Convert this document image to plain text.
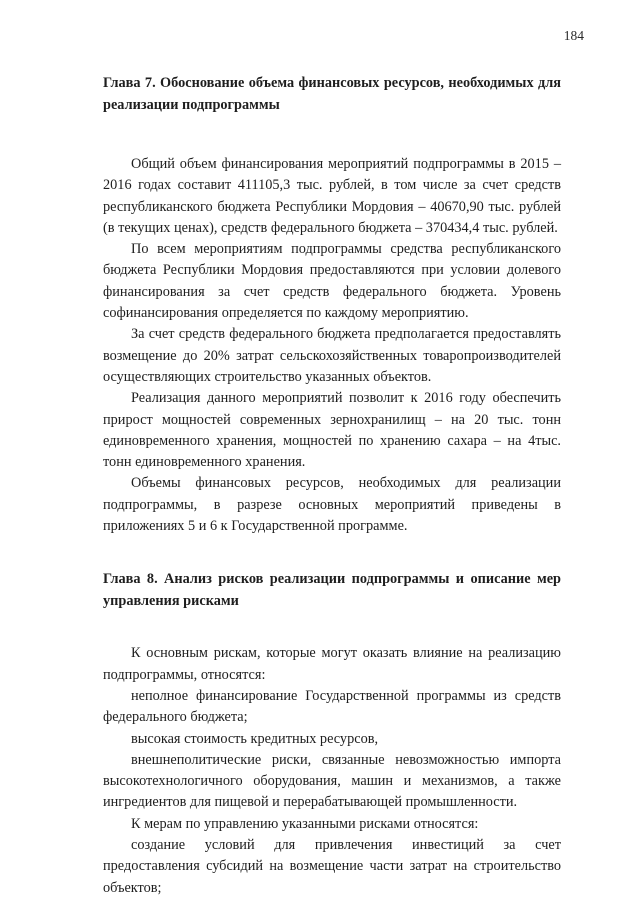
184

Глава 7. Обоснование объема финансовых ресурсов, необходимых для реализации подпрограммы

Общий объем финансирования мероприятий подпрограммы в 2015 – 2016 годах составит 411105,3 тыс. рублей, в том числе за счет средств республиканского бюджета Республики Мордовия – 40670,90 тыс. рублей (в текущих ценах), средств федерального бюджета – 370434,4 тыс. рублей.

По всем мероприятиям подпрограммы средства республиканского бюджета Республики Мордовия предоставляются при условии долевого финансирования за счет средств федерального бюджета. Уровень софинансирования определяется по каждому мероприятию.

За счет средств федерального бюджета предполагается предоставлять возмещение до 20% затрат сельскохозяйственных товаропроизводителей осуществляющих строительство указанных объектов.

Реализация данного мероприятий позволит к 2016 году обеспечить прирост мощностей современных зернохранилищ – на 20 тыс. тонн единовременного хранения, мощностей по хранению сахара – на 4тыс. тонн единовременного хранения.

Объемы финансовых ресурсов, необходимых для реализации подпрограммы, в разрезе основных мероприятий приведены в приложениях 5 и 6 к Государственной программе.

Глава 8. Анализ рисков реализации подпрограммы и описание мер управления рисками

К основным рискам, которые могут оказать влияние на реализацию подпрограммы, относятся:

неполное финансирование Государственной программы из средств федерального бюджета;

высокая стоимость кредитных ресурсов,

внешнеполитические риски, связанные невозможностью импорта высокотехнологичного оборудования, машин и механизмов, а также ингредиентов для пищевой и перерабатывающей промышленности.

К мерам по управлению указанными рисками относятся:

создание условий для привлечения инвестиций за счет предоставления субсидий на возмещение части затрат на строительство объектов;
